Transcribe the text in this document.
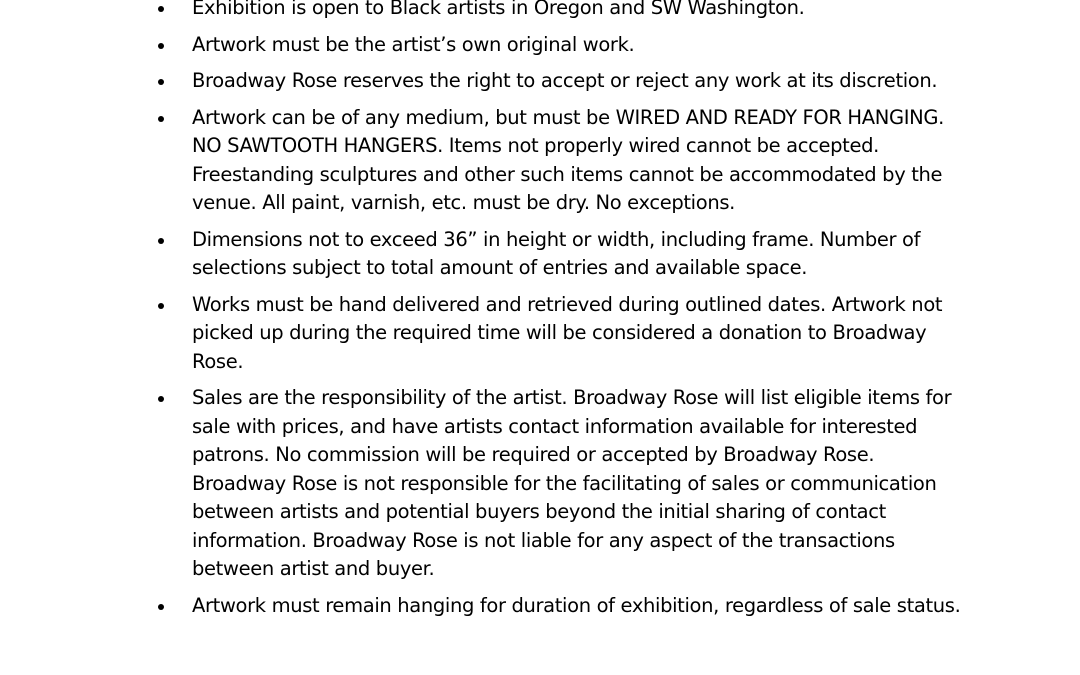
Exhibition is open to Black artists in Oregon and SW Washington.
Artwork must be the artist’s own original work.
Broadway Rose reserves the right to accept or reject any work at its discretion.
Artwork can be of any medium, but must be WIRED AND READY FOR HANGING. NO SAWTOOTH HANGERS. Items not properly wired cannot be accepted. Freestanding sculptures and other such items cannot be accommodated by the venue. All paint, varnish, etc. must be dry. No exceptions.
Dimensions not to exceed 36” in height or width, including frame. Number of selections subject to total amount of entries and available space.
Works must be hand delivered and retrieved during outlined dates. Artwork not picked up during the required time will be considered a donation to Broadway Rose.
Sales are the responsibility of the artist. Broadway Rose will list eligible items for sale with prices, and have artists contact information available for interested patrons. No commission will be required or accepted by Broadway Rose. Broadway Rose is not responsible for the facilitating of sales or communication between artists and potential buyers beyond the initial sharing of contact information. Broadway Rose is not liable for any aspect of the transactions between artist and buyer.
Artwork must remain hanging for duration of exhibition, regardless of sale status.
